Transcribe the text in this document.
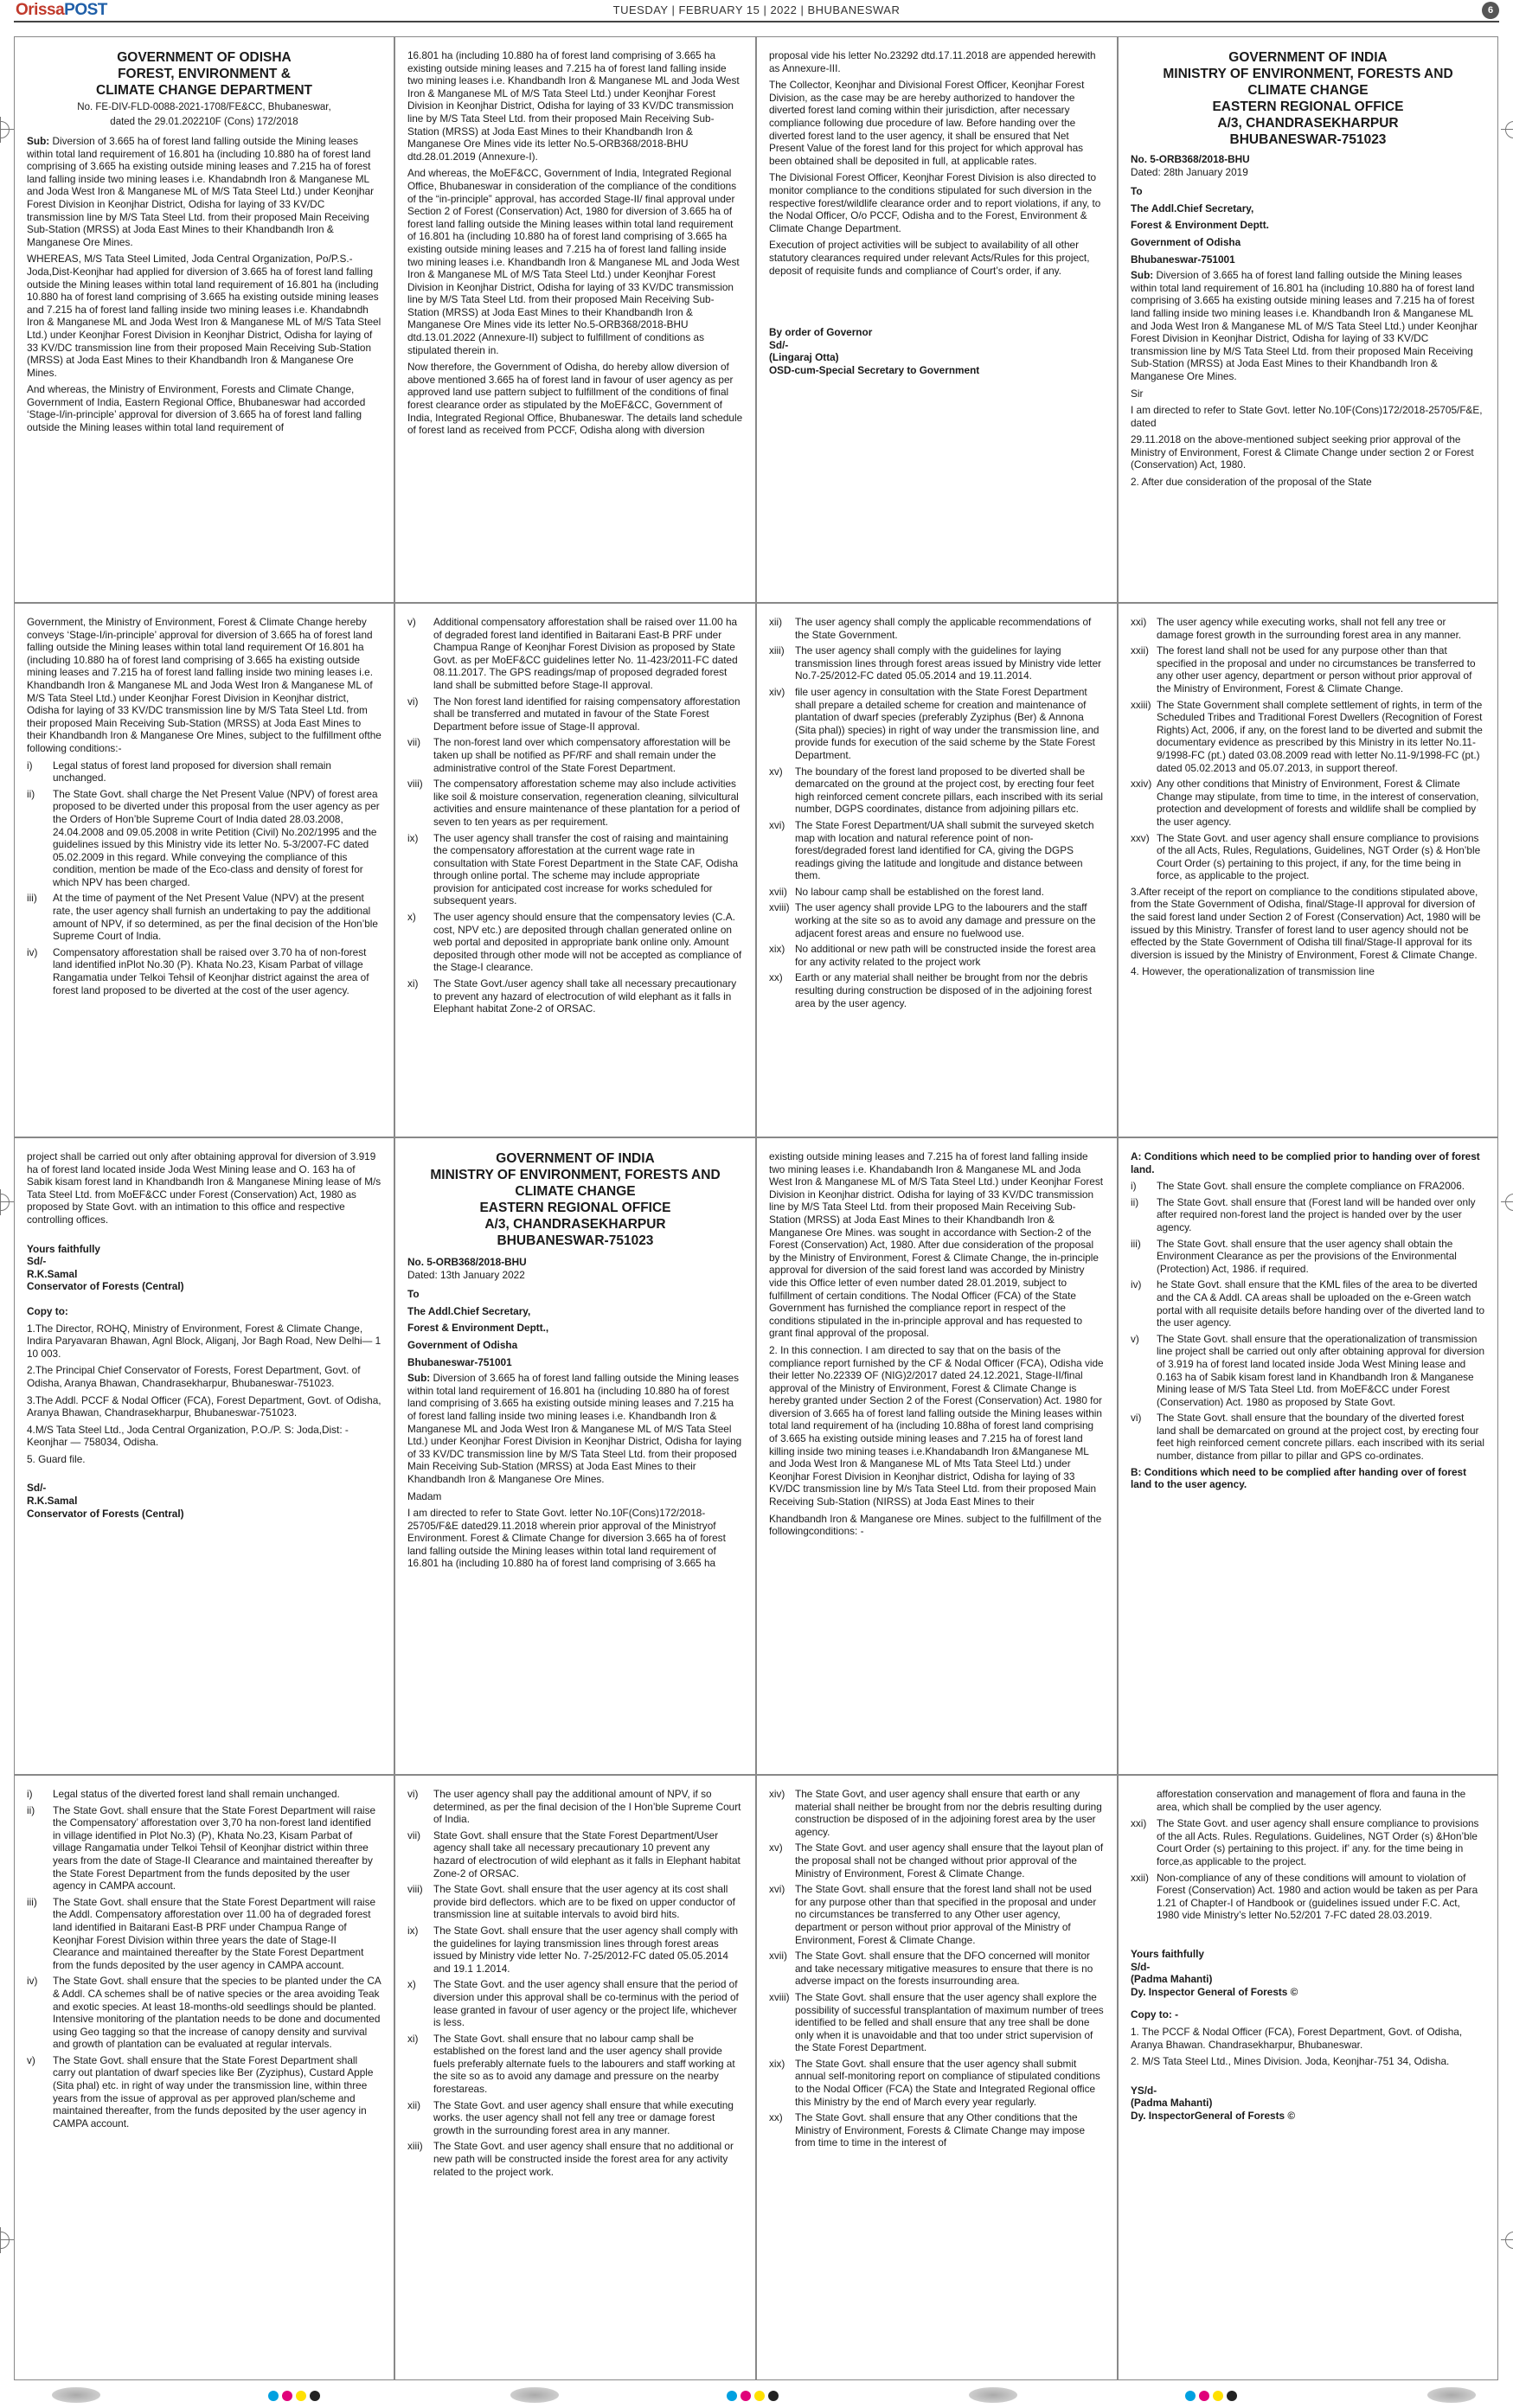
OrissaPOST	TUESDAY | FEBRUARY 15 | 2022 | BHUBANESWAR	6
GOVERNMENT OF ODISHA
FOREST, ENVIRONMENT &
CLIMATE CHANGE DEPARTMENT
No. FE-DIV-FLD-0088-2021-1708/FE&CC, Bhubaneswar,
dated the 29.01.202210F (Cons) 172/2018

Sub: Diversion of 3.665 ha of forest land falling outside the Mining leases within total land requirement of 16.801 ha (including 10.880 ha of forest land comprising of 3.665 ha existing outside mining leases and 7.215 ha of forest land falling inside two mining leases i.e. Khandabndh Iron & Manganese ML and Joda West Iron & Manganese ML of M/S Tata Steel Ltd.) under Keonjhar Forest Division in Keonjhar District, Odisha for laying of 33 KV/DC transmission line by M/S Tata Steel Ltd. from their proposed Main Receiving Sub-Station (MRSS) at Joda East Mines to their Khandbandh Iron & Manganese Ore Mines.

WHEREAS, M/S Tata Steel Limited, Joda Central Organization, Po/P.S.-Joda,Dist-Keonjhar had applied for diversion of 3.665 ha of forest land falling outside the Mining leases within total land requirement of 16.801 ha (including 10.880 ha of forest land comprising of 3.665 ha existing outside mining leases and 7.215 ha of forest land falling inside two mining leases i.e. Khandabndh Iron & Manganese ML and Joda West Iron & Manganese ML of M/S Tata Steel Ltd.) under Keonjhar Forest Division in Keonjhar District, Odisha for laying of 33 KV/DC transmission line from their proposed Main Receiving Sub-Station (MRSS) at Joda East Mines to their Khandbandh Iron & Manganese Ore Mines.

And whereas, the Ministry of Environment, Forests and Climate Change, Government of India, Eastern Regional Office, Bhubaneswar had accorded ‘Stage-I/in-principle’ approval for diversion of 3.665 ha of forest land falling outside the Mining leases within total land requirement of

16.801 ha (including 10.880 ha of forest land comprising of 3.665 ha existing outside mining leases and 7.215 ha of forest land falling inside two mining leases i.e. Khandbandh Iron & Manganese ML and Joda West Iron & Manganese ML of M/S Tata Steel Ltd.) under Keonjhar Forest Division in Keonjhar District, Odisha for laying of 33 KV/DC transmission line by M/S Tata Steel Ltd. from their proposed Main Receiving Sub-Station (MRSS) at Joda East Mines to their Khandbandh Iron & Manganese Ore Mines vide its letter No.5-ORB368/2018-BHU dtd.28.01.2019 (Annexure-I).

And whereas, the MoEF&CC, Government of India, Integrated Regional Office, Bhubaneswar in consideration of the compliance of the conditions of the “in-principle” approval, has accorded Stage-II/ final approval under Section 2 of Forest (Conservation) Act, 1980 for diversion of 3.665 ha of forest land falling outside the Mining leases within total land requirement of 16.801 ha (including 10.880 ha of forest land comprising of 3.665 ha existing outside mining leases and 7.215 ha of forest land falling inside two mining leases i.e. Khandbandh Iron & Manganese ML and Joda West Iron & Manganese ML of M/S Tata Steel Ltd.) under Keonjhar Forest Division in Keonjhar District, Odisha for laying of 33 KV/DC transmission line by M/S Tata Steel Ltd. from their proposed Main Receiving Sub-Station (MRSS) at Joda East Mines to their Khandbandh Iron & Manganese Ore Mines vide its letter No.5-ORB368/2018-BHU dtd.13.01.2022 (Annexure-II) subject to fulfillment of conditions as stipulated therein in.

Now therefore, the Government of Odisha, do hereby allow diversion of above mentioned 3.665 ha of forest land in favour of user agency as per approved land use pattern subject to fulfillment of the conditions of final forest clearance order as stipulated by the MoEF&CC, Government of India, Integrated Regional Office, Bhubaneswar. The details land schedule of forest land as received from PCCF, Odisha along with diversion

proposal vide his letter No.23292 dtd.17.11.2018 are appended herewith as Annexure-III.

The Collector, Keonjhar and Divisional Forest Officer, Keonjhar Forest Division, as the case may be are hereby authorized to handover the diverted forest land coming within their jurisdiction, after necessary compliance following due procedure of law. Before handing over the diverted forest land to the user agency, it shall be ensured that Net Present Value of the forest land for this project for which approval has been obtained shall be deposited in full, at applicable rates.

The Divisional Forest Officer, Keonjhar Forest Division is also directed to monitor compliance to the conditions stipulated for such diversion in the respective forest/wildlife clearance order and to report violations, if any, to the Nodal Officer, O/o PCCF, Odisha and to the Forest, Environment & Climate Change Department.

Execution of project activities will be subject to availability of all other statutory clearances required under relevant Acts/Rules for this project, deposit of requisite funds and compliance of Court’s order, if any.

By order of Governor

Sd/-

(Lingaraj Otta)

OSD-cum-Special Secretary to Government

GOVERNMENT OF INDIA
MINISTRY OF ENVIRONMENT, FORESTS AND
CLIMATE CHANGE
EASTERN REGIONAL OFFICE
A/3, CHANDRASEKHARPUR
BHUBANESWAR-751023

No. 5-ORB368/2018-BHU

Dated: 28th January 2019

To

The Addl.Chief Secretary,

Forest & Environment Deptt.

Government of Odisha

Bhubaneswar-751001

Sub: Diversion of 3.665 ha of forest land falling outside the Mining leases within total land requirement of 16.801 ha (including 10.880 ha of forest land comprising of 3.665 ha existing outside mining leases and 7.215 ha of forest land falling inside two mining leases i.e. Khandbandh Iron & Manganese ML and Joda West Iron & Manganese ML of M/S Tata Steel Ltd.) under Keonjhar Forest Division in Keonjhar District, Odisha for laying of 33 KV/DC transmission line by M/S Tata Steel Ltd. from their proposed Main Receiving Sub-Station (MRSS) at Joda East Mines to their Khandbandh Iron & Manganese Ore Mines.

Sir

I am directed to refer to State Govt. letter No.10F(Cons)172/2018-25705/F&E, dated

29.11.2018 on the above-mentioned subject seeking prior approval of the Ministry of Environment, Forest & Climate Change under section 2 or Forest (Conservation) Act, 1980.

2. After due consideration of the proposal of the State

Government, the Ministry of Environment, Forest & Climate Change hereby conveys ‘Stage-I/in-principle’ approval for diversion of 3.665 ha of forest land falling outside the Mining leases within total land requirement Of 16.801 ha (including 10.880 ha of forest land comprising of 3.665 ha existing outside mining leases and 7.215 ha of forest land falling inside two mining leases i.e. Khandbandh Iron & Manganese ML and Joda West Iron & Manganese ML of M/S Tata Steel Ltd.) under Keonjhar Forest Division in Keonjhar district, Odisha for laying of 33 KV/DC transmission line by M/S Tata Steel Ltd. from their proposed Main Receiving Sub-Station (MRSS) at Joda East Mines to their Khandbandh Iron & Manganese Ore Mines, subject to the fulfillment ofthe following conditions:-

i)	Legal status of forest land proposed for diversion shall remain unchanged.
ii)	The State Govt. shall charge the Net Present Value (NPV) of forest area proposed to be diverted under this proposal from the user agency as per the Orders of Hon’ble Supreme Court of India dated 28.03.2008, 24.04.2008 and 09.05.2008 in write Petition (Civil) No.202/1995 and the guidelines issued by this Ministry vide its letter No. 5-3/2007-FC dated 05.02.2009 in this regard. While conveying the compliance of this condition, mention be made of the Eco-class and density of forest for which NPV has been charged.
iii)	At the time of payment of the Net Present Value (NPV) at the present rate, the user agency shall furnish an undertaking to pay the additional amount of NPV, if so determined, as per the final decision of the Hon’ble Supreme Court of India.
iv)	Compensatory afforestation shall be raised over 3.70 ha of non-forest land identified inPlot No.30 (P). Khata No.23, Kisam Parbat of village Rangamatia under Telkoi Tehsil of Keonjhar district against the area of forest land proposed to be diverted at the cost of the user agency.
v)	Additional compensatory afforestation shall be raised over 11.00 ha of degraded forest land identified in Baitarani East-B PRF under Champua Range of Keonjhar Forest Division as proposed by State Govt. as per MoEF&CC guidelines letter No. 11-423/2011-FC dated 08.11.2017. The GPS readings/map of proposed degraded forest land shall be submitted before Stage-II approval.
vi)	The Non forest land identified for raising compensatory afforestation shall be transferred and mutated in favour of the State Forest Department before issue of Stage-II approval.
vii)	The non-forest land over which compensatory afforestation will be taken up shall be notified as PF/RF and shall remain under the administrative control of the State Forest Department.
viii)	The compensatory afforestation scheme may also include activities like soil & moisture conservation, regeneration cleaning, silvicultural activities and ensure maintenance of these plantation for a period of seven to ten years as per requirement.
ix)	The user agency shall transfer the cost of raising and maintaining the compensatory afforestation at the current wage rate in consultation with State Forest Department in the State CAF, Odisha through online portal. The scheme may include appropriate provision for anticipated cost increase for works scheduled for subsequent years.
x)	The user agency should ensure that the compensatory levies (C.A. cost, NPV etc.) are deposited through challan generated online on web portal and deposited in appropriate bank online only. Amount deposited through other mode will not be accepted as compliance of the Stage-I clearance.
xi)	The State Govt./user agency shall take all necessary precautionary to prevent any hazard of electrocution of wild elephant as it falls in Elephant habitat Zone-2 of ORSAC.
xii)	The user agency shall comply the applicable recommendations of the State Government.
xiii)	The user agency shall comply with the guidelines for laying transmission lines through forest areas issued by Ministry vide letter No.7-25/2012-FC dated 05.05.2014 and 19.11.2014.
xiv) file user agency in consultation with the State Forest Department shall prepare a detailed scheme for creation and maintenance of plantation of dwarf species (preferably Zyziphus (Ber) & Annona (Sita phal)) species) in right of way under the transmission line, and provide funds for execution of the said scheme by the State Forest Department.
xv)	The boundary of the forest land proposed to be diverted shall be demarcated on the ground at the project cost, by erecting four feet high reinforced cement concrete pillars, each inscribed with its serial number, DGPS coordinates, distance from adjoining pillars etc.
xvi) The State Forest Department/UA shall submit the surveyed sketch map with location and natural reference point of non-forest/degraded forest land identified for CA, giving the DGPS readings giving the latitude and longitude and distance between them.
xvii) No labour camp shall be established on the forest land.
xviii) The user agency shall provide LPG to the labourers and the staff working at the site so as to avoid any damage and pressure on the adjacent forest areas and ensure no fuelwood use.
xix) No additional or new path will be constructed inside the forest area for any activity related to the project work
xx)	Earth or any material shall neither be brought from nor the debris resulting during construction be disposed of in the adjoining forest area by the user agency.
xxi) The user agency while executing works, shall not fell any tree or damage forest growth in the surrounding forest area in any manner.
xxii) The forest land shall not be used for any purpose other than that specified in the proposal and under no circumstances be transferred to any other user agency, department or person without prior approval of the Ministry of Environment, Forest & Climate Change.
xxiii) The State Government shall complete settlement of rights, in term of the Scheduled Tribes and Traditional Forest Dwellers (Recognition of Forest Rights) Act, 2006, if any, on the forest land to be diverted and submit the documentary evidence as prescribed by this Ministry in its letter No.11-9/1998-FC (pt.) dated 03.08.2009 read with letter No.11-9/1998-FC (pt.) dated 05.02.2013 and 05.07.2013, in support thereof.
xxiv) Any other conditions that Ministry of Environment, Forest & Climate Change may stipulate, from time to time, in the interest of conservation, protection and development of forests and wildlife shall be complied by the user agency.
xxv) The State Govt. and user agency shall ensure compliance to provisions of the all Acts, Rules, Regulations, Guidelines, NGT Order (s) & Hon’ble Court Order (s) pertaining to this project, if any, for the time being in force, as applicable to the project.

3.After receipt of the report on compliance to the conditions stipulated above, from the State Government of Odisha, final/Stage-II approval for diversion of the said forest land under Section 2 of Forest (Conservation) Act, 1980 will be issued by this Ministry. Transfer of forest land to user agency should not be effected by the State Government of Odisha till final/Stage-II approval for its diversion is issued by the Ministry of Environment, Forest & Climate Change.

4. However, the operationalization of transmission line

project shall be carried out only after obtaining approval for diversion of 3.919 ha of forest land located inside Joda West Mining lease and O. 163 ha of Sabik kisam forest land in Khandbandh Iron & Manganese Mining lease of M/s Tata Steel Ltd. from MoEF&CC under Forest (Conservation) Act, 1980 as proposed by State Govt. with an intimation to this office and respective controlling offices.

Yours faithfully

Sd/-

R.K.Samal

Conservator of Forests (Central)

Copy to:

1.The Director, ROHQ, Ministry of Environment, Forest & Climate Change, Indira Paryavaran Bhawan, Agnl Block, Aliganj, Jor Bagh Road, New Delhi— 1 10 003.

2.The Principal Chief Conservator of Forests, Forest Department, Govt. of Odisha, Aranya Bhawan, Chandrasekharpur, Bhubaneswar-751023.

3.The Addl. PCCF & Nodal Officer (FCA), Forest Department, Govt. of Odisha, Aranya Bhawan, Chandrasekharpur, Bhubaneswar-751023.

4.M/S Tata Steel Ltd., Joda Central Organization, P.O./P. S: Joda,Dist: -Keonjhar — 758034, Odisha.

5. Guard file.

Sd/-

R.K.Samal

Conservator of Forests (Central)

GOVERNMENT OF INDIA
MINISTRY OF ENVIRONMENT, FORESTS AND
CLIMATE CHANGE
EASTERN REGIONAL OFFICE
A/3, CHANDRASEKHARPUR
BHUBANESWAR-751023

No. 5-ORB368/2018-BHU

Dated: 13th January 2022

To

The Addl.Chief Secretary,

Forest & Environment Deptt.,

Government of Odisha

Bhubaneswar-751001

Sub: Diversion of 3.665 ha of forest land falling outside the Mining leases within total land requirement of 16.801 ha (including 10.880 ha of forest land comprising of 3.665 ha existing outside mining leases and 7.215 ha of forest land falling inside two mining leases i.e. Khandbandh Iron & Manganese ML and Joda West Iron & Manganese ML of M/S Tata Steel Ltd.) under Keonjhar Forest Division in Keonjhar District, Odisha for laying of 33 KV/DC transmission line by M/S Tata Steel Ltd. from their proposed Main Receiving Sub-Station (MRSS) at Joda East Mines to their Khandbandh Iron & Manganese Ore Mines.

Madam

I am directed to refer to State Govt. letter No.10F(Cons)172/2018-25705/F&E dated29.11.2018 wherein prior approval of the Ministryof Environment. Forest & Climate Change for diversion 3.665 ha of forest land falling outside the Mining leases within total land requirement of 16.801 ha (including 10.880 ha of forest land comprising of 3.665 ha

existing outside mining leases and 7.215 ha of forest land falling inside two mining leases i.e. Khandabandh Iron & Manganese ML and Joda West Iron & Manganese ML of M/S Tata Steel Ltd.) under Keonjhar Forest Division in Keonjhar district. Odisha for laying of 33 KV/DC transmission line by M/S Tata Steel Ltd. from their proposed Main Receiving Sub-Station (MRSS) at Joda East Mines to their Khandbandh Iron & Manganese Ore Mines. was sought in accordance with Section-2 of the Forest (Conservation) Act, 1980. After due consideration of the proposal by the Ministry of Environment, Forest & Climate Change, the in-principle approval for diversion of the said forest land was accorded by Ministry vide this Office letter of even number dated 28.01.2019, subject to fulfillment of certain conditions. The Nodal Officer (FCA) of the State Government has furnished the compliance report in respect of the conditions stipulated in the in-principle approval and has requested to grant final approval of the proposal.

2. In this connection. I am directed to say that on the basis of the compliance report furnished by the CF & Nodal Officer (FCA), Odisha vide their letter No.22339 OF (NIG)2/2017 dated 24.12.2021, Stage-II/final approval of the Ministry of Environment, Forest & Climate Change is hereby granted under Section 2 of the Forest (Conservation) Act. 1980 for diversion of 3.665 ha of forest land falling outside the Mining leases within total land requirement of ha (including 10.88ha of forest land comprising of 3.665 ha existing outside mining leases and 7.215 ha of forest land killing inside two mining teases i.e.Khandabandh Iron &Manganese ML and Joda West Iron & Manganese ML of Mts Tata Steel Ltd.) under Keonjhar Forest Division in Keonjhar district, Odisha for laying of 33 KV/DC transmission line by M/s Tata Steel Ltd. from their proposed Main Receiving Sub-Station (NIRSS) at Joda East Mines to their

Khandbandh Iron & Manganese ore Mines. subject to the fulfillment of the followingconditions: -

A: Conditions which need to be complied prior to handing over of forest land.

i)	The State Govt. shall ensure the complete compliance on FRA2006.
ii)	The State Govt. shall ensure that (Forest land will be handed over only after required non-forest land the project is handed over by the user agency.
iii)	The State Govt. shall ensure that the user agency shall obtain the Environment Clearance as per the provisions of the Environmental (Protection) Act, 1986. if required.
iv)	he State Govt. shall ensure that the KML files of the area to be diverted and the CA & Addl. CA areas shall be uploaded on the e-Green watch portal with all requisite details before handing over of the diverted land to the user agency.
v)	The State Govt. shall ensure that the operationalization of transmission line project shall be carried out only after obtaining approval for diversion of 3.919 ha of forest land located inside Joda West Mining lease and 0.163 ha of Sabik kisam forest land in Khandbandh Iron & Manganese Mining lease of M/S Tata Steel Ltd. from MoEF&CC under Forest (Conservation) Act. 1980 as proposed by State Govt.
vi)	The State Govt. shall ensure that the boundary of the diverted forest land shall be demarcated on ground at the project cost, by erecting four feet high reinforced cement concrete pillars. each inscribed with its serial number, distance from pillar to pillar and GPS co-ordinates.

B: Conditions which need to be complied after handing over of forest land to the user agency.

i)	Legal status of the diverted forest land shall remain unchanged.
ii)	The State Govt. shall ensure that the State Forest Department will raise the Compensatory’ afforestation over 3,70 ha non-forest land identified in village identified in Plot No.3) (P), Khata No.23, Kisam Parbat of village Rangamatia under Telkoi Tehsil of Keonjhar district within three years from the date of Stage-II Clearance and maintained thereafter by the State Forest Department from the funds deposited by the user agency in CAMPA account.
iii)	The State Govt. shall ensure that the State Forest Department will raise the Addl. Compensatory afforestation over 11.00 ha of degraded forest land identified in Baitarani East-B PRF under Champua Range of Keonjhar Forest Division within three years the date of Stage-II Clearance and maintained thereafter by the State Forest Department from the funds deposited by the user agency in CAMPA account.
iv)	The State Govt. shall ensure that the species to be planted under the CA & Addl. CA schemes shall be of native species or the area avoiding Teak and exotic species. At least 18-months-old seedlings should be planted. Intensive monitoring of the plantation needs to be done and documented using Geo tagging so that the increase of canopy density and survival and growth of plantation can be evaluated at regular intervals.
v)	The State Govt. shall ensure that the State Forest Department shall carry out plantation of dwarf species like Ber (Zyziphus), Custard Apple (Sita phal) etc. in right of way under the transmission line, within three years from the issue of approval as per approved plan/scheme and maintained thereafter, from the funds deposited by the user agency in CAMPA account.
vi)	The user agency shall pay the additional amount of NPV, if so determined, as per the final decision of the I Hon’ble Supreme Court of India.
vii)	State Govt. shall ensure that the State Forest Department/User agency shall take all necessary precautionary 10 prevent any hazard of electrocution of wild elephant as it falls in Elephant habitat Zone-2 of ORSAC.
viii)	The State Govt. shall ensure that the user agency at its cost shall provide bird deflectors. which are to be fixed on upper conductor of transmission line at suitable intervals to avoid bird hits.
ix)	The State Govt. shall ensure that the user agency shall comply with the guidelines for laying transmission lines through forest areas issued by Ministry vide letter No. 7-25/2012-FC dated 05.05.2014 and 19.1 1.2014.
x)	The State Govt. and the user agency shall ensure that the period of diversion under this approval shall be co-terminus with the period of lease granted in favour of user agency or the project life, whichever is less.
xi)	The State Govt. shall ensure that no labour camp shall be established on the forest land and the user agency shall provide fuels preferably alternate fuels to the labourers and staff working at the site so as to avoid any damage and pressure on the nearby forestareas.
xii)	The State Govt. and user agency shall ensure that while executing works. the user agency shall not fell any tree or damage forest growth in the surrounding forest area in any manner.
xiii)	The State Govt. and user agency shall ensure that no additional or new path will be constructed inside the forest area for any activity related to the project work.
xiv) The State Govt, and user agency shall ensure that earth or any material shall neither be brought from nor the debris resulting during construction be disposed of in the adjoining forest area by the user agency.
xv)	The State Govt. and user agency shall ensure that the layout plan of the proposal shall not be changed without prior approval of the Ministry of Environment, Forest & Climate Change.
xvi) The State Govt. shall ensure that the forest land shall not be used for any purpose other than that specified in the proposal and under no circumstances be transferred to any Other user agency, department or person without prior approval of the Ministry of Environment, Forest & Climate Change.
xvii) The State Govt. shall ensure that the DFO concerned will monitor and take necessary mitigative measures to ensure that there is no adverse impact on the forests insurrounding area.
xviii) The State Govt. shall ensure that the user agency shall explore the possibility of successful transplantation of maximum number of trees identified to be felled and shall ensure that any tree shall be done only when it is unavoidable and that too under strict supervision of the State Forest Department.
xix) The State Govt. shall ensure that the user agency shall submit annual self-monitoring report on compliance of stipulated conditions to the Nodal Officer (FCA) the State and Integrated Regional office this Ministry by the end of March every year regularly.
xx)	The State Govt. shall ensure that any Other conditions that the Ministry of Environment, Forests & Climate Change may impose from time to time in the interest of

afforestation conservation and management of flora and fauna in the area, which shall be complied by the user agency.

xxi) The State Govt. and user agency shall ensure compliance to provisions of the all Acts. Rules. Regulations. Guidelines, NGT Order (s) &Hon’ble Court Order (s) pertaining to this project. if’ any. for the time being in force,as applicable to the project.
xxii) Non-compliance of any of these conditions will amount to violation of Forest (Conservation) Act. 1980 and action would be taken as per Para 1.21 of Chapter-I of Handbook or (guidelines issued under F.C. Act, 1980 vide Ministry’s letter No.52/201 7-FC dated 28.03.2019.

Yours faithfully

S/d-

(Padma Mahanti)

Dy. Inspector General of Forests ©

Copy to: -

1. The PCCF & Nodal Officer (FCA), Forest Department, Govt. of Odisha, Aranya Bhawan. Chandrasekharpur, Bhubaneswar.

2. M/S Tata Steel Ltd., Mines Division. Joda, Keonjhar-751 34, Odisha.

YS/d-

(Padma Mahanti)

Dy. InspectorGeneral of Forests ©
